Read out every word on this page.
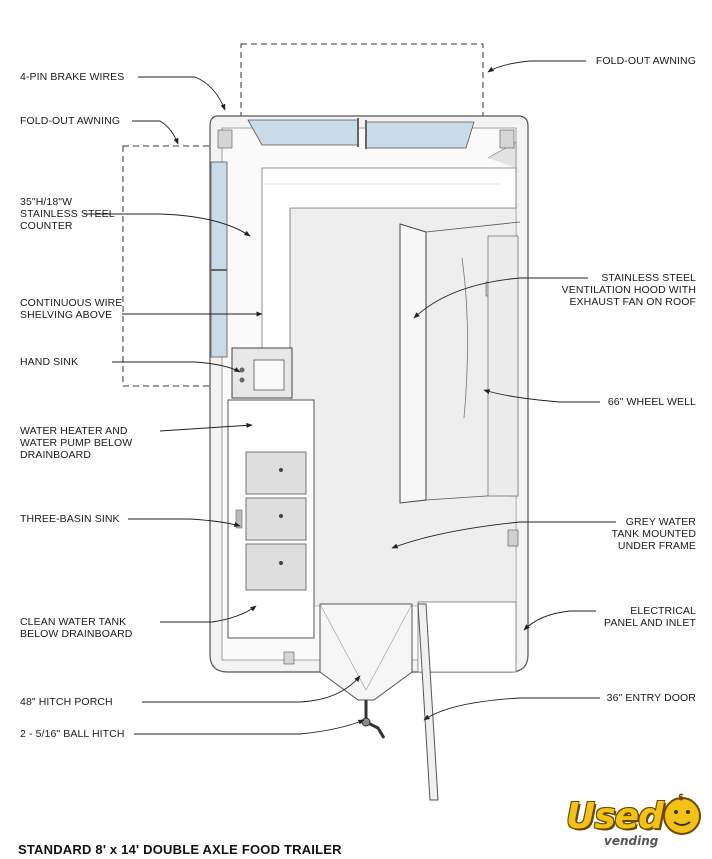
4-PIN BRAKE WIRES
FOLD-OUT AWNING
35"H/18"W
STAINLESS STEEL
COUNTER
CONTINUOUS WIRE
SHELVING ABOVE
HAND SINK
WATER HEATER AND
WATER PUMP BELOW
DRAINBOARD
THREE-BASIN SINK
CLEAN WATER TANK
BELOW DRAINBOARD
48" HITCH PORCH
2 - 5/16" BALL HITCH
FOLD-OUT AWNING
STAINLESS STEEL
VENTILATION HOOD WITH
EXHAUST FAN ON ROOF
66" WHEEL WELL
GREY WATER
TANK MOUNTED
UNDER FRAME
ELECTRICAL
PANEL AND INLET
36" ENTRY DOOR
STANDARD 8' x 14' DOUBLE AXLE FOOD TRAILER
$
Used
vending
